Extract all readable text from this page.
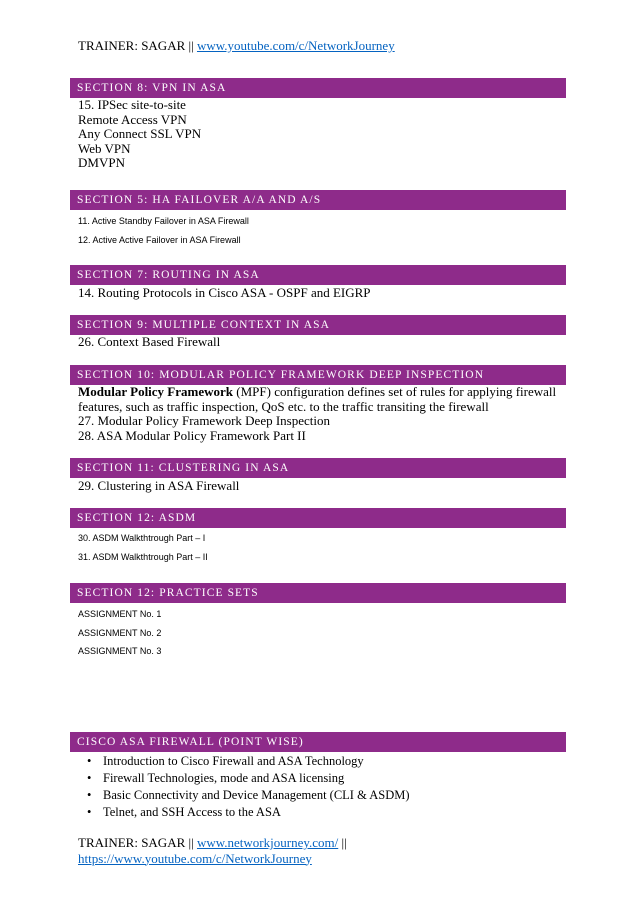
TRAINER: SAGAR || www.youtube.com/c/NetworkJourney
SECTION 8: VPN IN ASA
15. IPSec site-to-site
Remote Access VPN
Any Connect SSL VPN
Web VPN
DMVPN
SECTION 5: HA FAILOVER A/A AND A/S
11. Active Standby Failover in ASA Firewall
12. Active Active Failover in ASA Firewall
SECTION 7: ROUTING IN ASA
14. Routing Protocols in Cisco ASA - OSPF and EIGRP
SECTION 9: MULTIPLE CONTEXT IN ASA
26. Context Based Firewall
SECTION 10: MODULAR POLICY FRAMEWORK DEEP INSPECTION
Modular Policy Framework (MPF) configuration defines set of rules for applying firewall features, such as traffic inspection, QoS etc. to the traffic transiting the firewall
27. Modular Policy Framework Deep Inspection
28. ASA Modular Policy Framework Part II
SECTION 11: CLUSTERING IN ASA
29. Clustering in ASA Firewall
SECTION 12: ASDM
30. ASDM Walkthtrough Part – I
31. ASDM Walkthtrough Part – II
SECTION 12: PRACTICE SETS
ASSIGNMENT No. 1
ASSIGNMENT No. 2
ASSIGNMENT No. 3
CISCO ASA FIREWALL (POINT WISE)
• Introduction to Cisco Firewall and ASA Technology
• Firewall Technologies, mode and ASA licensing
• Basic Connectivity and Device Management (CLI & ASDM)
• Telnet, and SSH Access to the ASA
TRAINER: SAGAR || www.networkjourney.com/ ||
https://www.youtube.com/c/NetworkJourney
